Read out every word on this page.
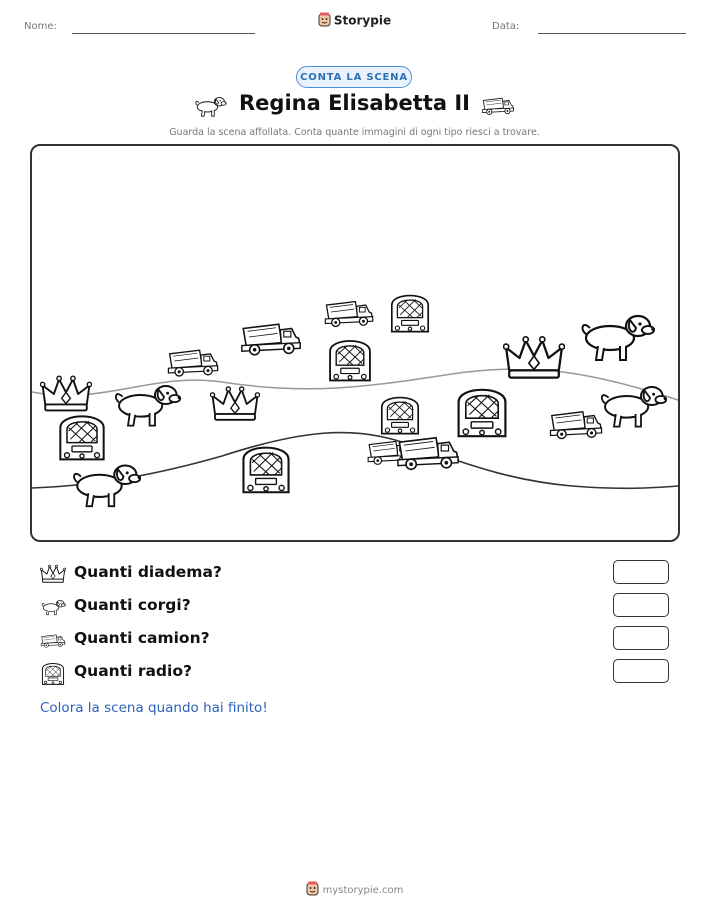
Nome:	Storypie	Data:
CONTA LA SCENA
Regina Elisabetta II
Guarda la scena affollata. Conta quante immagini di ogni tipo riesci a trovare.
Quanti diadema?
Quanti corgi?
Quanti camion?
Quanti radio?
Colora la scena quando hai finito!
mystorypie.com
